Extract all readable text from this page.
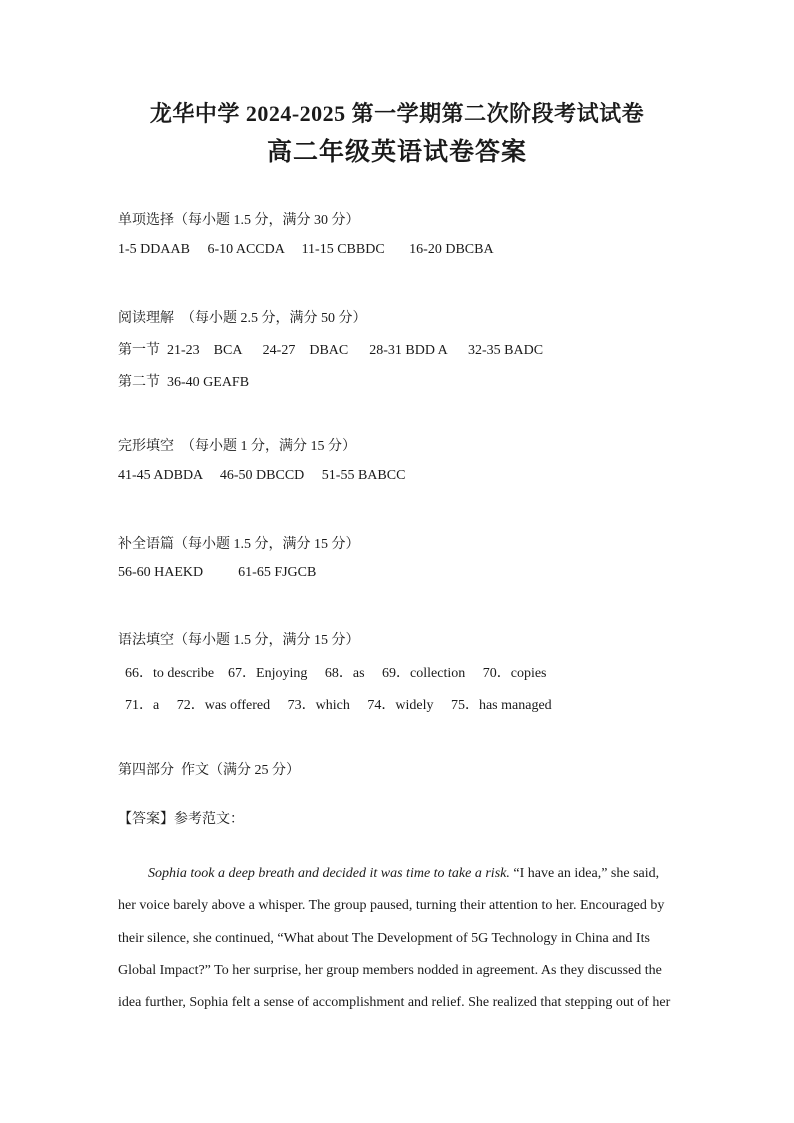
龙华中学 2024-2025 第一学期第二次阶段考试试卷
高二年级英语试卷答案
单项选择（每小题 1.5 分，满分 30 分）
1-5 DDAAB     6-10 ACCDA     11-15 CBBDC       16-20 DBCBA
阅读理解  （每小题 2.5 分，满分 50 分）
第一节  21-23    BCA      24-27    DBAC      28-31 BDD A      32-35 BADC
第二节  36-40 GEAFB
完形填空  （每小题 1 分，满分 15 分）
41-45 ADBDA     46-50 DBCCD     51-55 BABCC
补全语篇（每小题 1.5 分，满分 15 分）
56-60 HAEKD          61-65 FJGCB
语法填空（每小题 1.5 分，满分 15 分）
66．to describe    67．Enjoying     68．as     69．collection     70．copies
71．a     72．was offered     73．which     74．widely     75．has managed
第四部分  作文（满分 25 分）
【答案】参考范文：
Sophia took a deep breath and decided it was time to take a risk. “I have an idea,” she said,
her voice barely above a whisper. The group paused, turning their attention to her. Encouraged by
their silence, she continued, “What about The Development of 5G Technology in China and Its
Global Impact?” To her surprise, her group members nodded in agreement. As they discussed the
idea further, Sophia felt a sense of accomplishment and relief. She realized that stepping out of her
